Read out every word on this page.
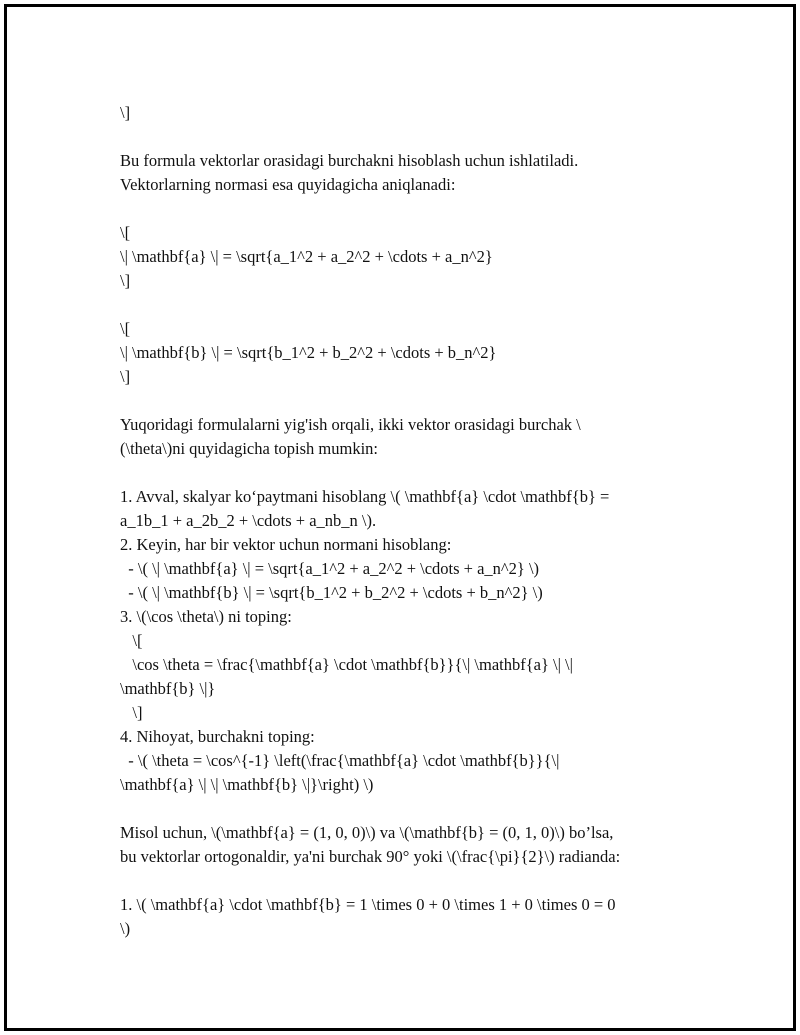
\]
Bu formula vektorlar orasidagi burchakni hisoblash uchun ishlatiladi.
Vektorlarning normasi esa quyidagicha aniqlanadi:
\[
\| \mathbf{a} \| = \sqrt{a_1^2 + a_2^2 + \cdots + a_n^2}
\]
\[
\| \mathbf{b} \| = \sqrt{b_1^2 + b_2^2 + \cdots + b_n^2}
\]
Yuqoridagi formulalarni yig'ish orqali, ikki vektor orasidagi burchak \
(\theta\)ni quyidagicha topish mumkin:
1. Avval, skalyar koʻpaytmani hisoblang \( \mathbf{a} \cdot \mathbf{b} =
a_1b_1 + a_2b_2 + \cdots + a_nb_n \).
2. Keyin, har bir vektor uchun normani hisoblang:
- \( \| \mathbf{a} \| = \sqrt{a_1^2 + a_2^2 + \cdots + a_n^2} \)
- \( \| \mathbf{b} \| = \sqrt{b_1^2 + b_2^2 + \cdots + b_n^2} \)
3. \(\cos \theta\) ni toping:
\[
\cos \theta = \frac{\mathbf{a} \cdot \mathbf{b}}{\| \mathbf{a} \| \|
\mathbf{b} \|}
\]
4. Nihoyat, burchakni toping:
- \( \theta = \cos^{-1} \left(\frac{\mathbf{a} \cdot \mathbf{b}}{\|
\mathbf{a} \| \| \mathbf{b} \|}\right) \)
Misol uchun, \(\mathbf{a} = (1, 0, 0)\) va \(\mathbf{b} = (0, 1, 0)\) bo’lsa,
bu vektorlar ortogonaldir, ya'ni burchak 90° yoki \(\frac{\pi}{2}\) radianda:
1. \( \mathbf{a} \cdot \mathbf{b} = 1 \times 0 + 0 \times 1 + 0 \times 0 = 0
\)
